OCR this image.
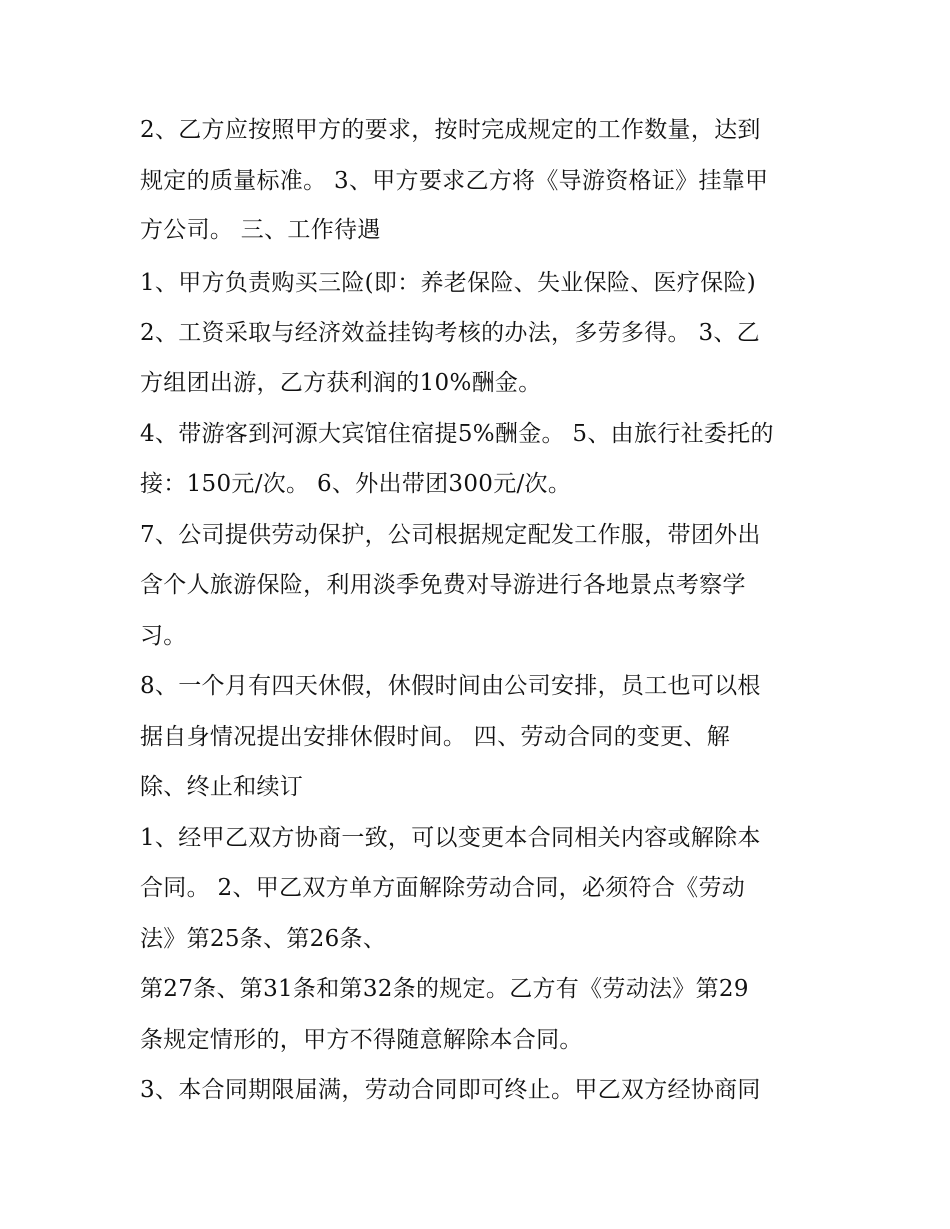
2、乙方应按照甲方的要求，按时完成规定的工作数量，达到
规定的质量标准。 3、甲方要求乙方将《导游资格证》挂靠甲
方公司。 三、工作待遇
1、甲方负责购买三险(即：养老保险、失业保险、医疗保险)
2、工资采取与经济效益挂钩考核的办法，多劳多得。 3、乙
方组团出游，乙方获利润的10%酬金。
4、带游客到河源大宾馆住宿提5%酬金。 5、由旅行社委托的
接：150元/次。 6、外出带团300元/次。
7、公司提供劳动保护，公司根据规定配发工作服，带团外出
含个人旅游保险，利用淡季免费对导游进行各地景点考察学
习。
8、一个月有四天休假，休假时间由公司安排，员工也可以根
据自身情况提出安排休假时间。 四、劳动合同的变更、解
除、终止和续订
1、经甲乙双方协商一致，可以变更本合同相关内容或解除本
合同。 2、甲乙双方单方面解除劳动合同，必须符合《劳动
法》第25条、第26条、
第27条、第31条和第32条的规定。乙方有《劳动法》第29
条规定情形的，甲方不得随意解除本合同。
3、本合同期限届满，劳动合同即可终止。甲乙双方经协商同
